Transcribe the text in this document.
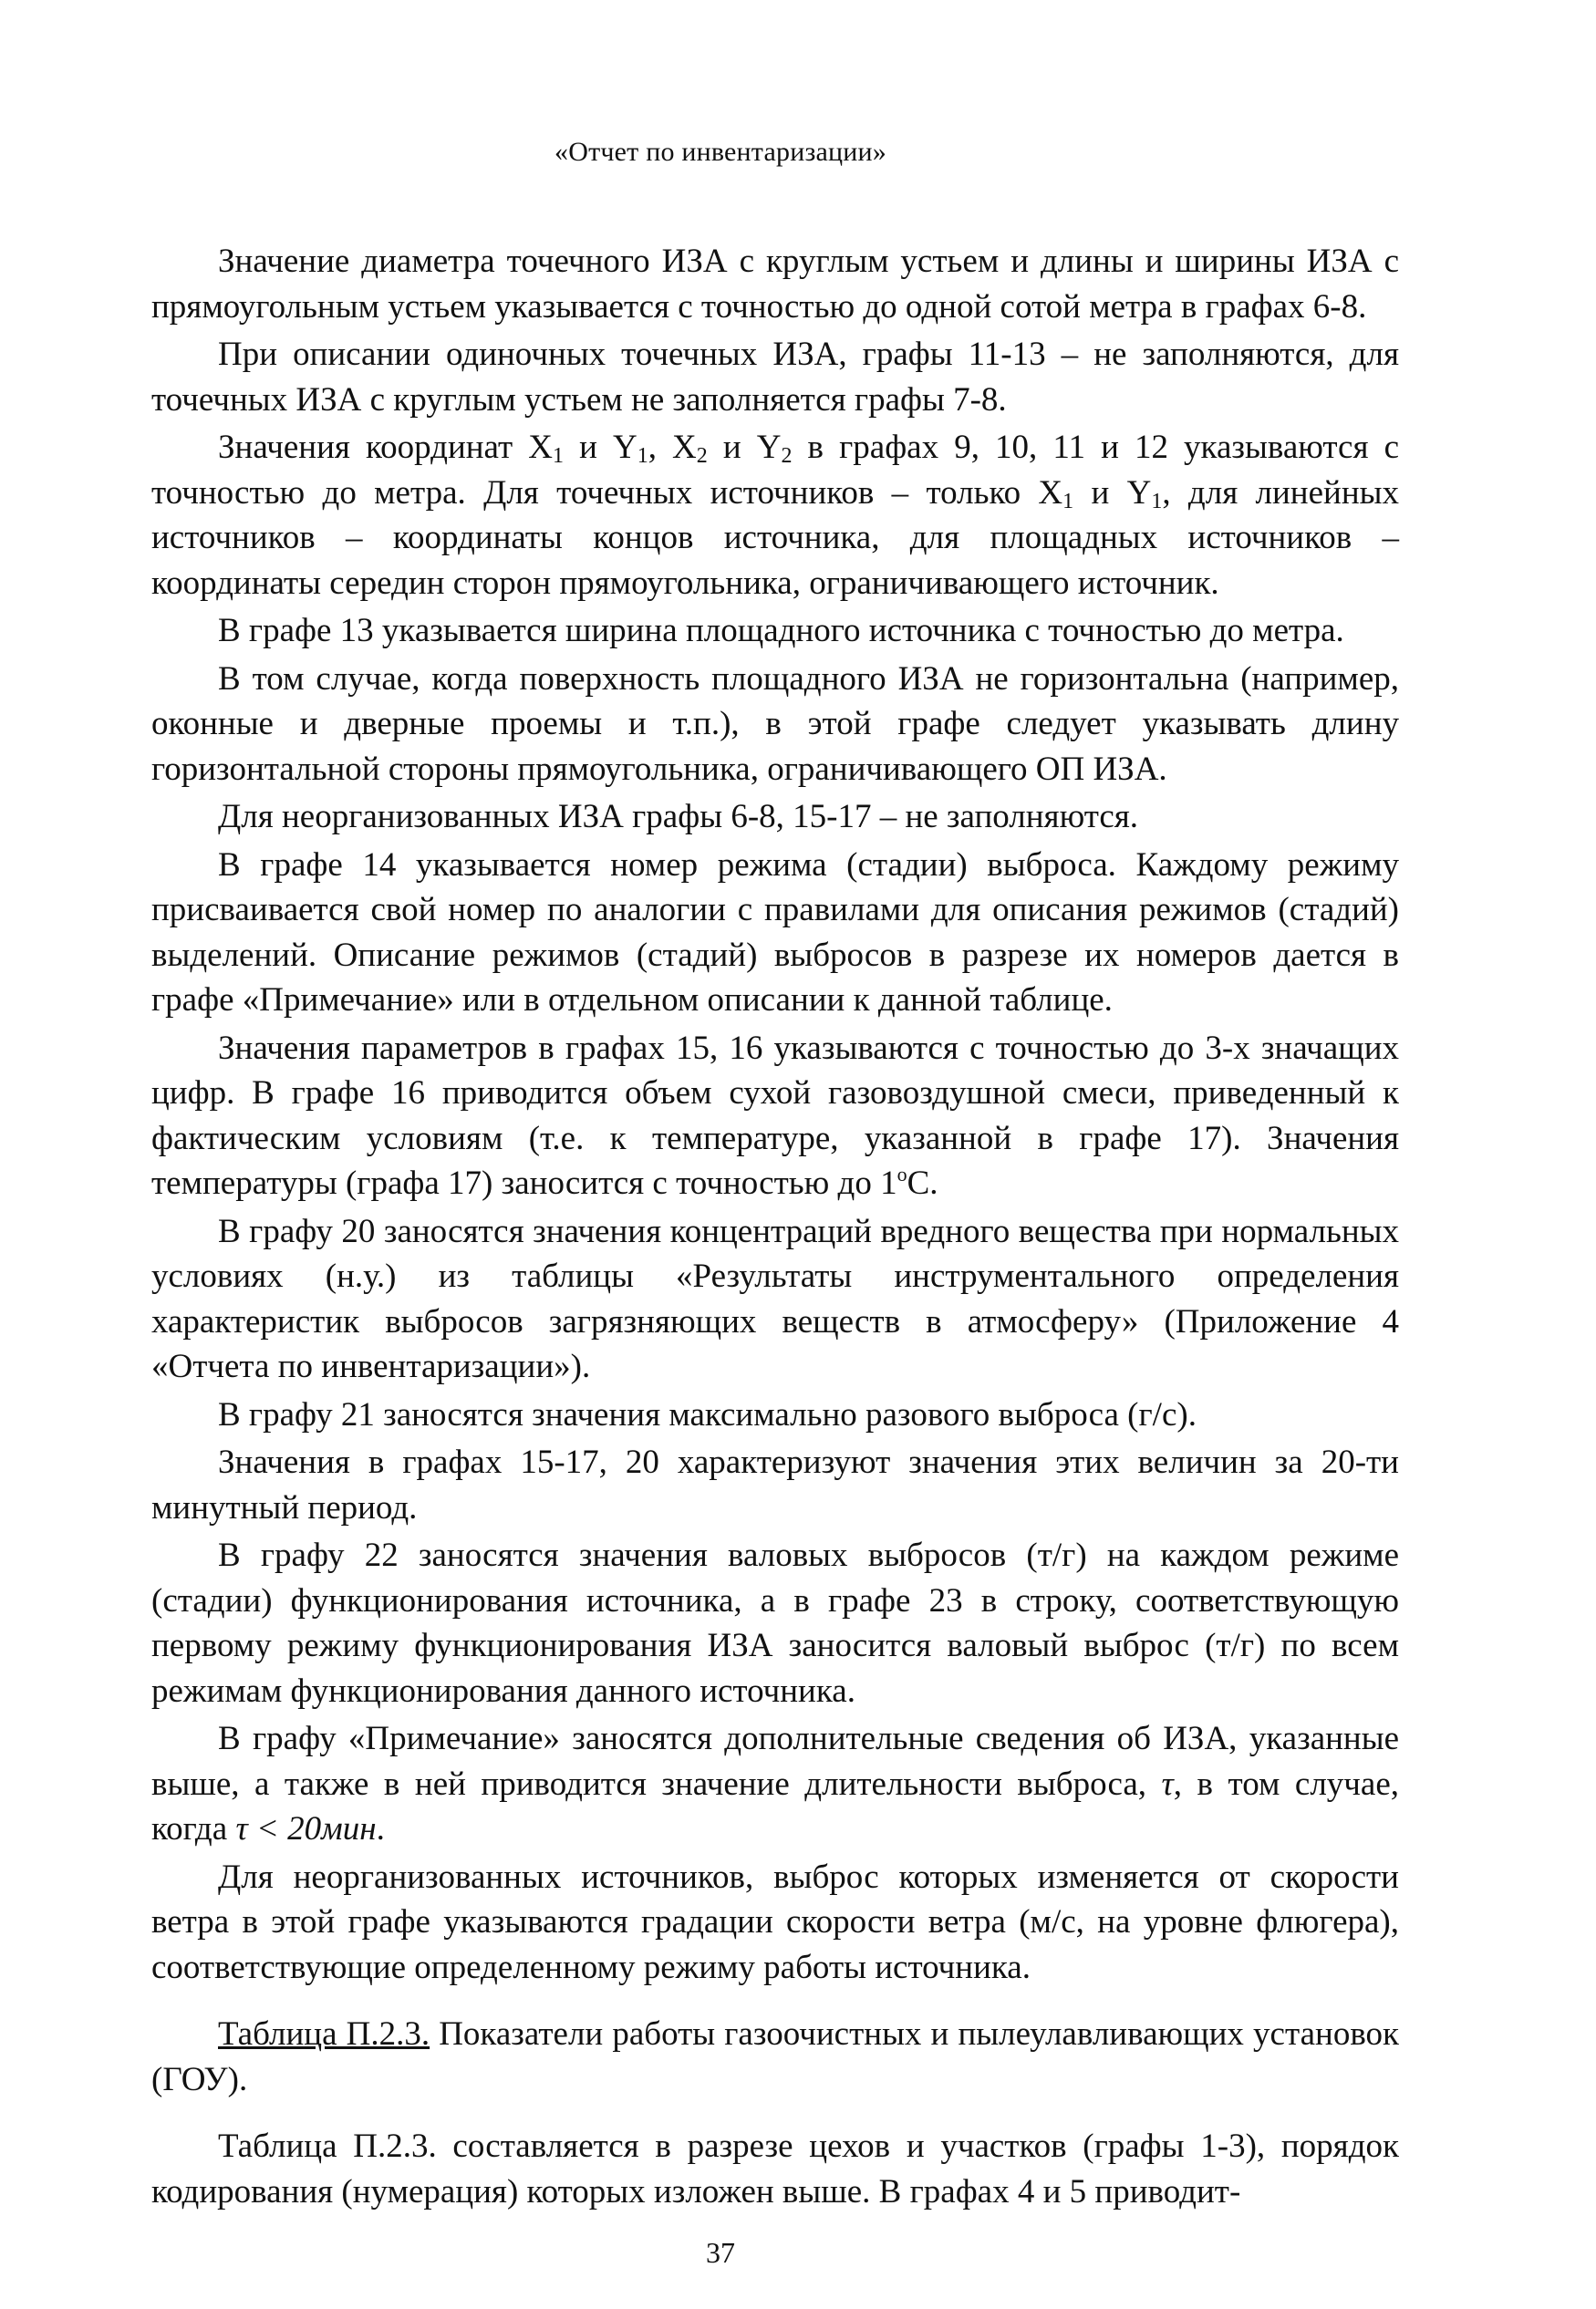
«Отчет по инвентаризации»

Значение диаметра точечного ИЗА с круглым устьем и длины и ширины ИЗА с прямоугольным устьем указывается с точностью до одной сотой метра в графах 6-8.

При описании одиночных точечных ИЗА, графы 11-13 – не заполняются, для точечных ИЗА с круглым устьем не заполняется графы 7-8.

Значения координат $X_1$ и $Y_1$, $X_2$ и $Y_2$ в графах 9, 10, 11 и 12 указываются с точностью до метра. Для точечных источников – только $X_1$ и $Y_1$, для линейных источников – координаты концов источника, для площадных источников – координаты середин сторон прямоугольника, ограничивающего источник.

В графе 13 указывается ширина площадного источника с точностью до метра.

В том случае, когда поверхность площадного ИЗА не горизонтальна (например, оконные и дверные проемы и т.п.), в этой графе следует указывать длину горизонтальной стороны прямоугольника, ограничивающего ОП ИЗА.

Для неорганизованных ИЗА графы 6-8, 15-17 – не заполняются.

В графе 14 указывается номер режима (стадии) выброса. Каждому режиму присваивается свой номер по аналогии с правилами для описания режимов (стадий) выделений. Описание режимов (стадий) выбросов в разрезе их номеров дается в графе «Примечание» или в отдельном описании к данной таблице.

Значения параметров в графах 15, 16 указываются с точностью до 3-х значащих цифр. В графе 16 приводится объем сухой газовоздушной смеси, приведенный к фактическим условиям (т.е. к температуре, указанной в графе 17). Значения температуры (графа 17) заносится с точностью до 1$^o$С.

В графу 20 заносятся значения концентраций вредного вещества при нормальных условиях (н.у.) из таблицы «Результаты инструментального определения характеристик выбросов загрязняющих веществ в атмосферу» (Приложение 4 «Отчета по инвентаризации»).

В графу 21 заносятся значения максимально разового выброса (г/с).

Значения в графах 15-17, 20 характеризуют значения этих величин за 20-ти минутный период.

В графу 22 заносятся значения валовых выбросов (т/г) на каждом режиме (стадии) функционирования источника, а в графе 23 в строку, соответствующую первому режиму функционирования ИЗА заносится валовый выброс (т/г) по всем режимам функционирования данного источника.

В графу «Примечание» заносятся дополнительные сведения об ИЗА, указанные выше, а также в ней приводится значение длительности выброса, τ, в том случае, когда τ < 20мин.

Для неорганизованных источников, выброс которых изменяется от скорости ветра в этой графе указываются градации скорости ветра (м/с, на уровне флюгера), соответствующие определенному режиму работы источника.

Таблица П.2.3. Показатели работы газоочистных и пылеулавливающих установок (ГОУ).

Таблица П.2.3. составляется в разрезе цехов и участков (графы 1-3), порядок кодирования (нумерация) которых изложен выше. В графах 4 и 5 приводит-

37
